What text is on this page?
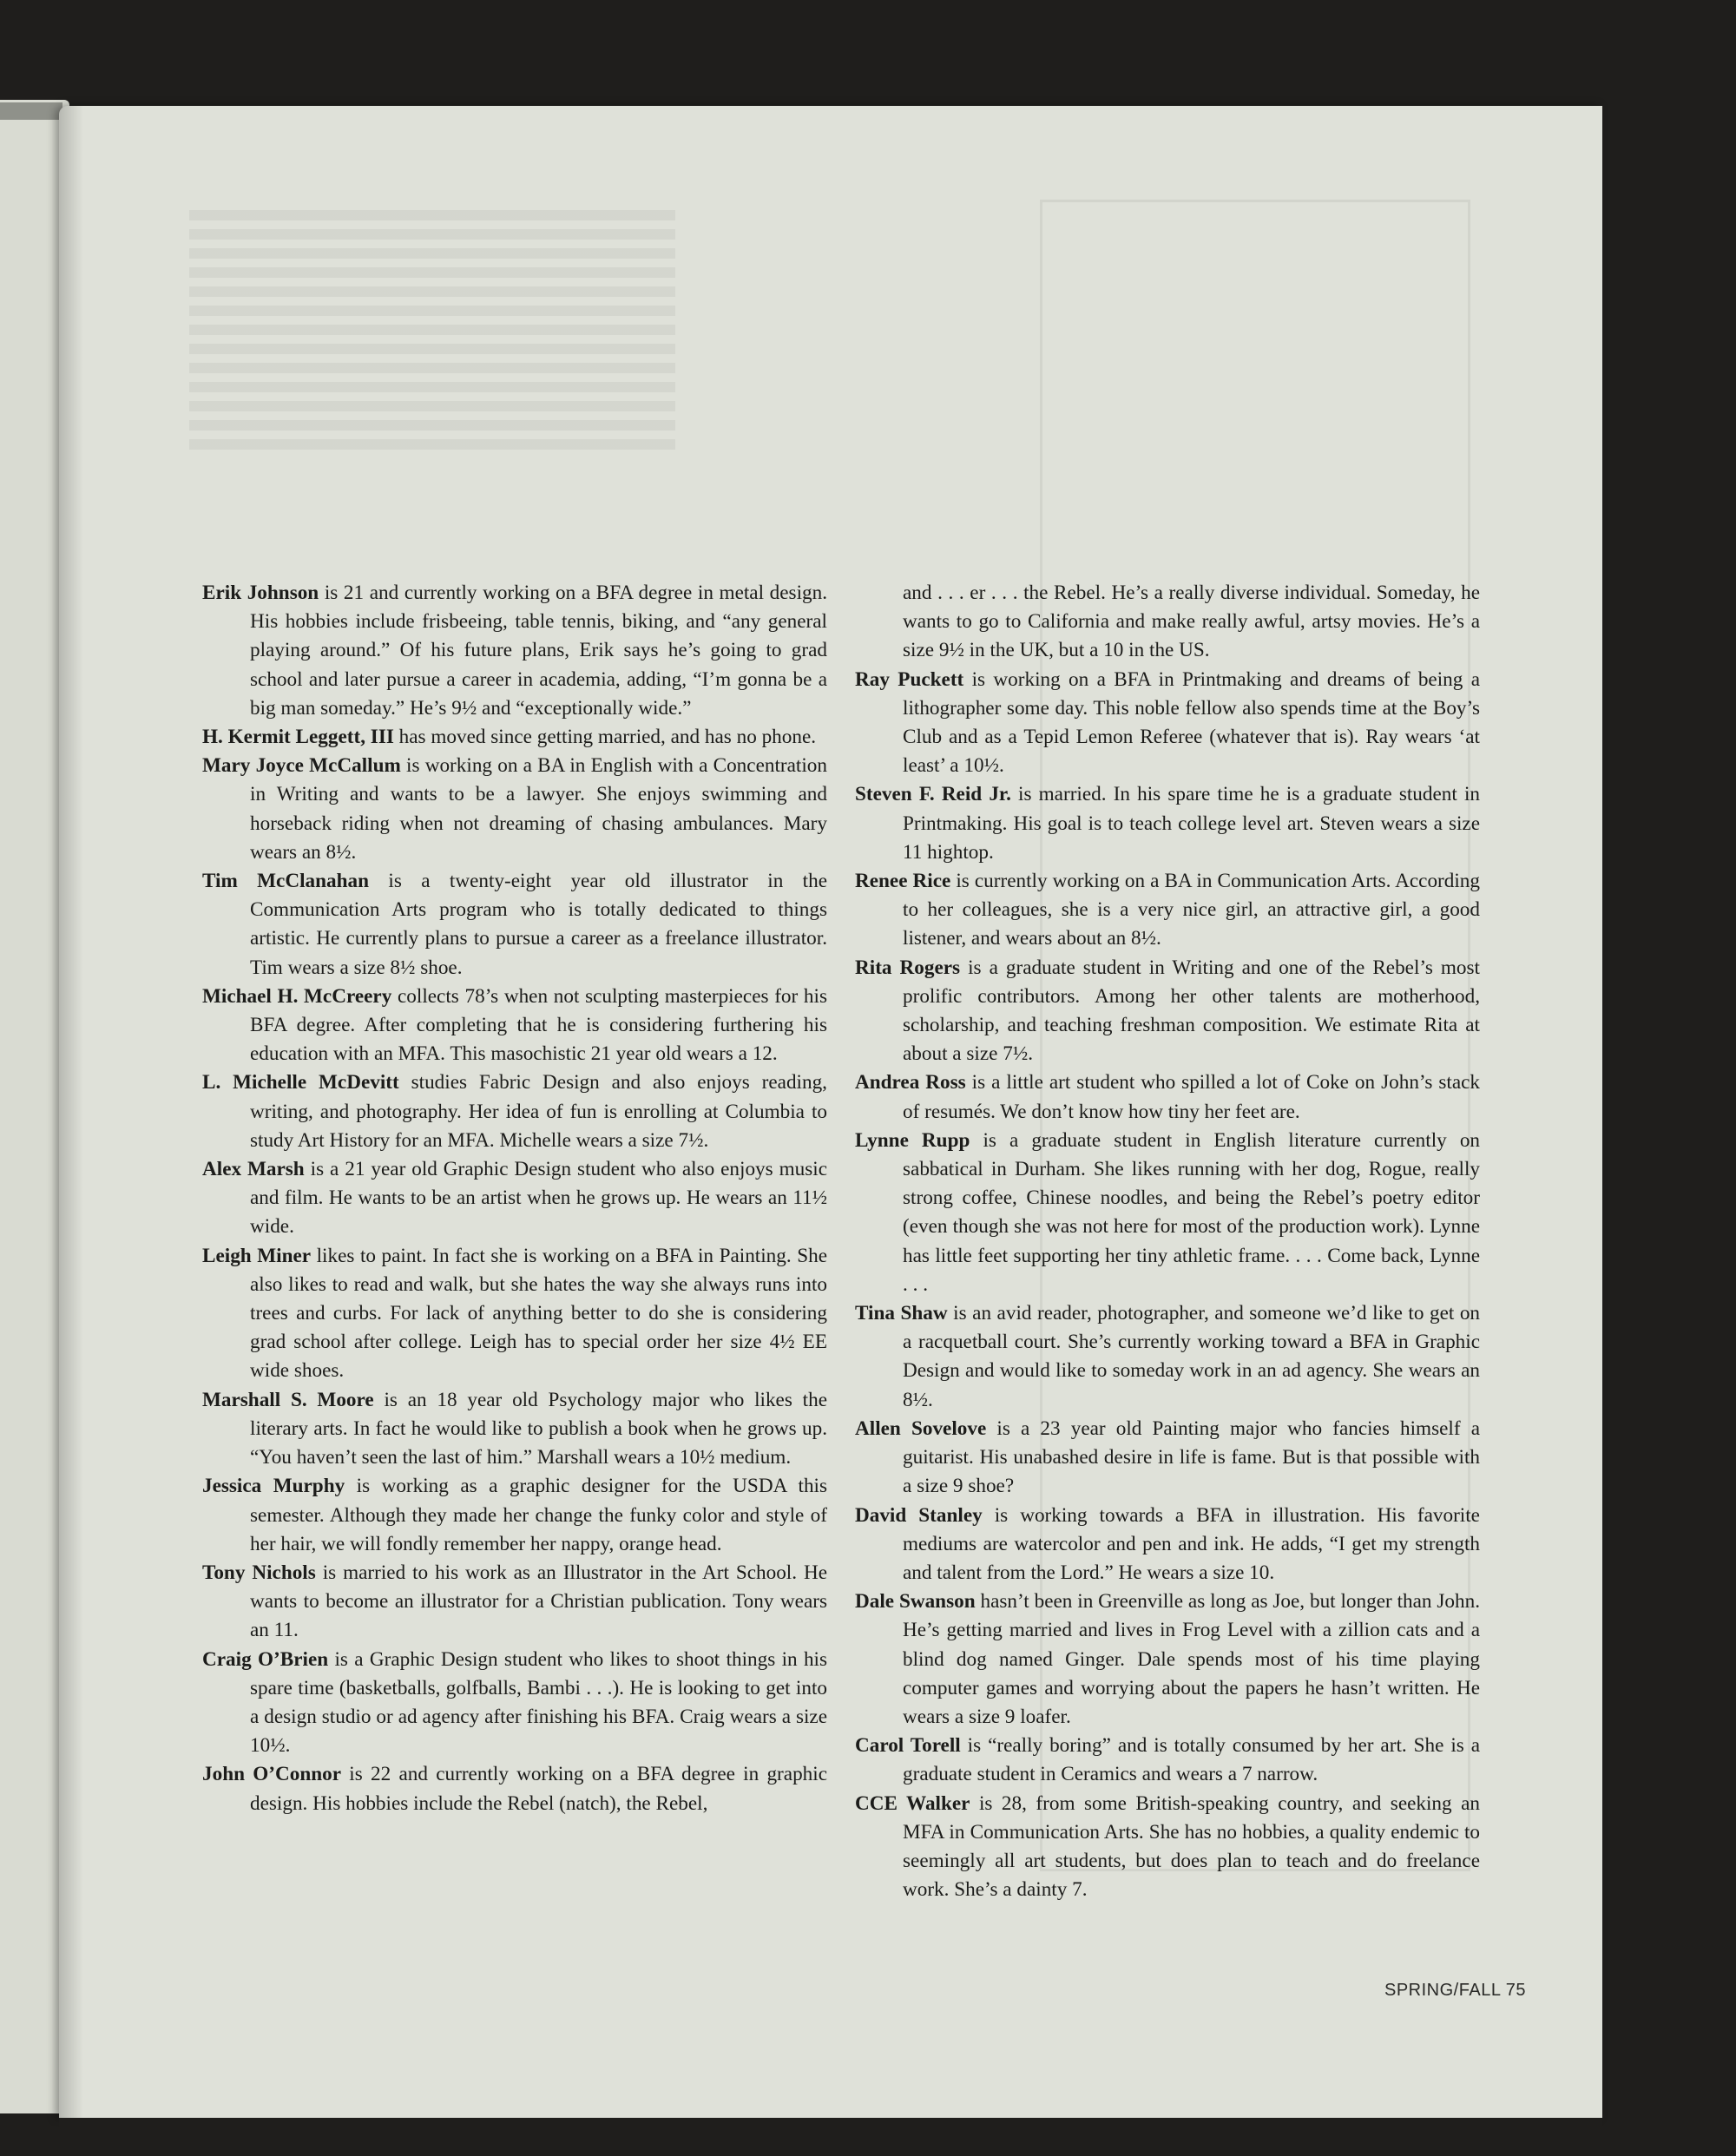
Erik Johnson is 21 and currently working on a BFA degree in metal design. His hobbies include frisbeeing, table tennis, biking, and “any general playing around.” Of his future plans, Erik says he’s going to grad school and later pursue a career in academia, adding, “I’m gonna be a big man someday.” He’s 9½ and “exceptionally wide.”

H. Kermit Leggett, III has moved since getting married, and has no phone.

Mary Joyce McCallum is working on a BA in English with a Concentration in Writing and wants to be a lawyer. She enjoys swimming and horseback riding when not dreaming of chasing ambulances. Mary wears an 8½.

Tim McClanahan is a twenty-eight year old illustrator in the Communication Arts program who is totally dedicated to things artistic. He currently plans to pursue a career as a freelance illustrator. Tim wears a size 8½ shoe.

Michael H. McCreery collects 78’s when not sculpting masterpieces for his BFA degree. After completing that he is considering furthering his education with an MFA. This masochistic 21 year old wears a 12.

L. Michelle McDevitt studies Fabric Design and also enjoys reading, writing, and photography. Her idea of fun is enrolling at Columbia to study Art History for an MFA. Michelle wears a size 7½.

Alex Marsh is a 21 year old Graphic Design student who also enjoys music and film. He wants to be an artist when he grows up. He wears an 11½ wide.

Leigh Miner likes to paint. In fact she is working on a BFA in Painting. She also likes to read and walk, but she hates the way she always runs into trees and curbs. For lack of anything better to do she is considering grad school after college. Leigh has to special order her size 4½ EE wide shoes.

Marshall S. Moore is an 18 year old Psychology major who likes the literary arts. In fact he would like to publish a book when he grows up. “You haven’t seen the last of him.” Marshall wears a 10½ medium.

Jessica Murphy is working as a graphic designer for the USDA this semester. Although they made her change the funky color and style of her hair, we will fondly remember her nappy, orange head.

Tony Nichols is married to his work as an Illustrator in the Art School. He wants to become an illustrator for a Christian publication. Tony wears an 11.

Craig O’Brien is a Graphic Design student who likes to shoot things in his spare time (basketballs, golfballs, Bambi . . .). He is looking to get into a design studio or ad agency after finishing his BFA. Craig wears a size 10½.

John O’Connor is 22 and currently working on a BFA degree in graphic design. His hobbies include the Rebel (natch), the Rebel,

and . . . er . . . the Rebel. He’s a really diverse individual. Someday, he wants to go to California and make really awful, artsy movies. He’s a size 9½ in the UK, but a 10 in the US.

Ray Puckett is working on a BFA in Printmaking and dreams of being a lithographer some day. This noble fellow also spends time at the Boy’s Club and as a Tepid Lemon Referee (whatever that is). Ray wears ‘at least’ a 10½.

Steven F. Reid Jr. is married. In his spare time he is a graduate student in Printmaking. His goal is to teach college level art. Steven wears a size 11 hightop.

Renee Rice is currently working on a BA in Communication Arts. According to her colleagues, she is a very nice girl, an attractive girl, a good listener, and wears about an 8½.

Rita Rogers is a graduate student in Writing and one of the Rebel’s most prolific contributors. Among her other talents are motherhood, scholarship, and teaching freshman composition. We estimate Rita at about a size 7½.

Andrea Ross is a little art student who spilled a lot of Coke on John’s stack of resumés. We don’t know how tiny her feet are.

Lynne Rupp is a graduate student in English literature currently on sabbatical in Durham. She likes running with her dog, Rogue, really strong coffee, Chinese noodles, and being the Rebel’s poetry editor (even though she was not here for most of the production work). Lynne has little feet supporting her tiny athletic frame. . . . Come back, Lynne . . .

Tina Shaw is an avid reader, photographer, and someone we’d like to get on a racquetball court. She’s currently working toward a BFA in Graphic Design and would like to someday work in an ad agency. She wears an 8½.

Allen Sovelove is a 23 year old Painting major who fancies himself a guitarist. His unabashed desire in life is fame. But is that possible with a size 9 shoe?

David Stanley is working towards a BFA in illustration. His favorite mediums are watercolor and pen and ink. He adds, “I get my strength and talent from the Lord.” He wears a size 10.

Dale Swanson hasn’t been in Greenville as long as Joe, but longer than John. He’s getting married and lives in Frog Level with a zillion cats and a blind dog named Ginger. Dale spends most of his time playing computer games and worrying about the papers he hasn’t written. He wears a size 9 loafer.

Carol Torell is “really boring” and is totally consumed by her art. She is a graduate student in Ceramics and wears a 7 narrow.

CCE Walker is 28, from some British-speaking country, and seeking an MFA in Communication Arts. She has no hobbies, a quality endemic to seemingly all art students, but does plan to teach and do freelance work. She’s a dainty 7.

SPRING/FALL 75
